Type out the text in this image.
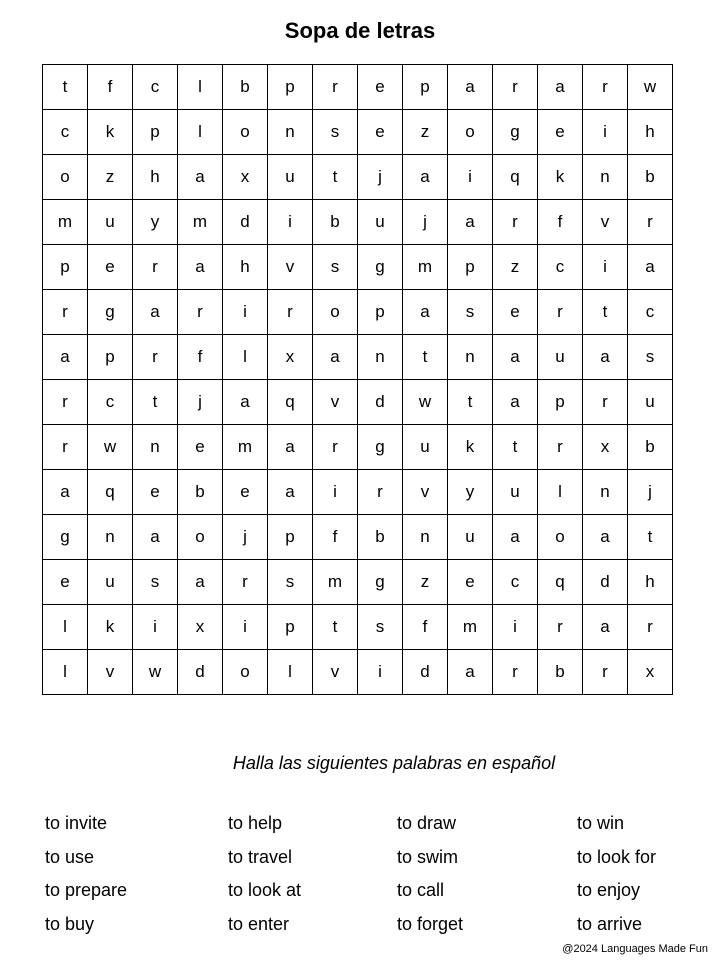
Sopa de letras
t	f	c	l	b	p	r	e	p	a	r	a	r	w
c	k	p	l	o	n	s	e	z	o	g	e	i	h
o	z	h	a	x	u	t	j	a	i	q	k	n	b
m	u	y	m	d	i	b	u	j	a	r	f	v	r
p	e	r	a	h	v	s	g	m	p	z	c	i	a
r	g	a	r	i	r	o	p	a	s	e	r	t	c
a	p	r	f	l	x	a	n	t	n	a	u	a	s
r	c	t	j	a	q	v	d	w	t	a	p	r	u
r	w	n	e	m	a	r	g	u	k	t	r	x	b
a	q	e	b	e	a	i	r	v	y	u	l	n	j
g	n	a	o	j	p	f	b	n	u	a	o	a	t
e	u	s	a	r	s	m	g	z	e	c	q	d	h
l	k	i	x	i	p	t	s	f	m	i	r	a	r
l	v	w	d	o	l	v	i	d	a	r	b	r	x
Halla las siguientes palabras en español
to invite	to help	to draw	to win
to use	to travel	to swim	to look for
to prepare	to look at	to call	to enjoy
to buy	to enter	to forget	to arrive
@2024 Languages Made Fun
